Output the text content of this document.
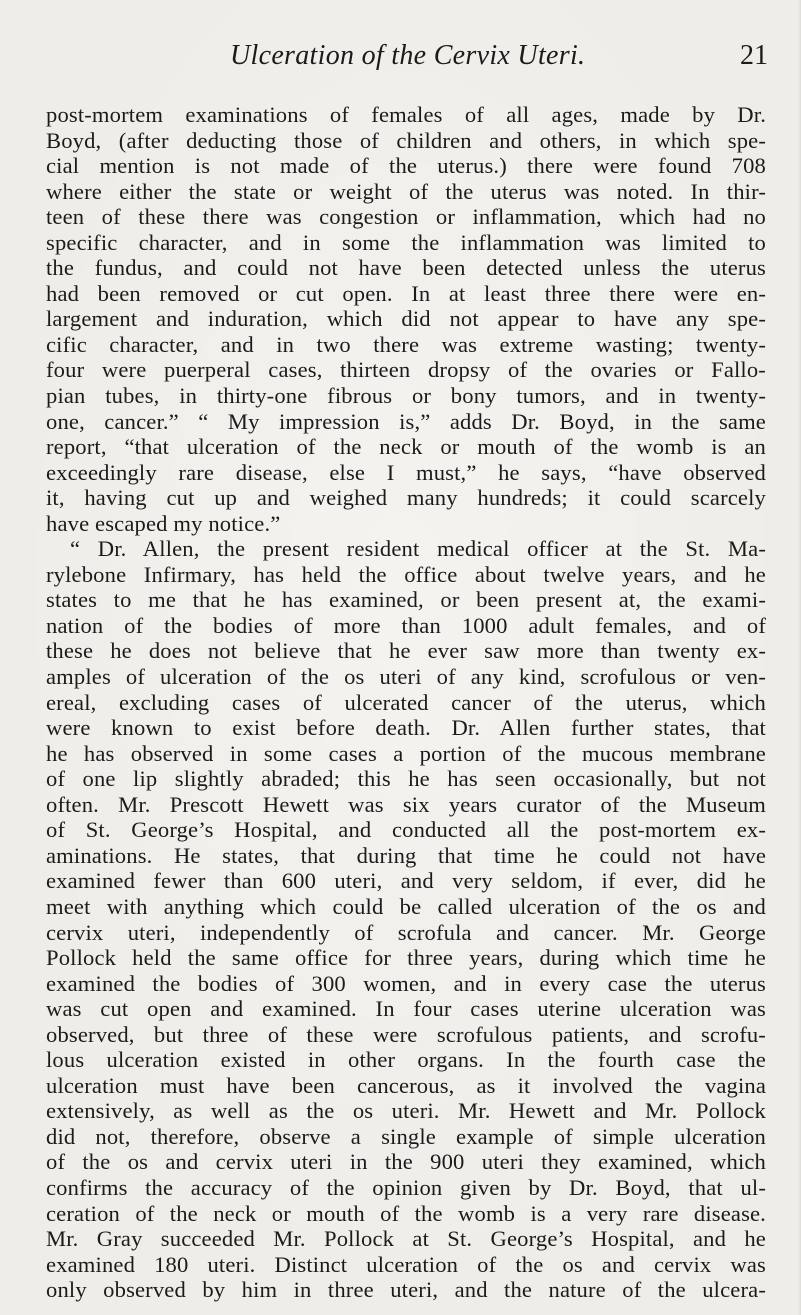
Ulceration of the Cervix Uteri.	21
post-mortem examinations of females of all ages, made by Dr.
Boyd, (after deducting those of children and others, in which spe-
cial mention is not made of the uterus.) there were found 708
where either the state or weight of the uterus was noted. In thir-
teen of these there was congestion or inflammation, which had no
specific character, and in some the inflammation was limited to
the fundus, and could not have been detected unless the uterus
had been removed or cut open. In at least three there were en-
largement and induration, which did not appear to have any spe-
cific character, and in two there was extreme wasting; twenty-
four were puerperal cases, thirteen dropsy of the ovaries or Fallo-
pian tubes, in thirty-one fibrous or bony tumors, and in twenty-
one, cancer.” “ My impression is,” adds Dr. Boyd, in the same
report, “that ulceration of the neck or mouth of the womb is an
exceedingly rare disease, else I must,” he says, “have observed
it, having cut up and weighed many hundreds; it could scarcely
have escaped my notice.”
“ Dr. Allen, the present resident medical officer at the St. Ma-
rylebone Infirmary, has held the office about twelve years, and he
states to me that he has examined, or been present at, the exami-
nation of the bodies of more than 1000 adult females, and of
these he does not believe that he ever saw more than twenty ex-
amples of ulceration of the os uteri of any kind, scrofulous or ven-
ereal, excluding cases of ulcerated cancer of the uterus, which
were known to exist before death. Dr. Allen further states, that
he has observed in some cases a portion of the mucous membrane
of one lip slightly abraded; this he has seen occasionally, but not
often. Mr. Prescott Hewett was six years curator of the Museum
of St. George’s Hospital, and conducted all the post-mortem ex-
aminations. He states, that during that time he could not have
examined fewer than 600 uteri, and very seldom, if ever, did he
meet with anything which could be called ulceration of the os and
cervix uteri, independently of scrofula and cancer. Mr. George
Pollock held the same office for three years, during which time he
examined the bodies of 300 women, and in every case the uterus
was cut open and examined. In four cases uterine ulceration was
observed, but three of these were scrofulous patients, and scrofu-
lous ulceration existed in other organs. In the fourth case the
ulceration must have been cancerous, as it involved the vagina
extensively, as well as the os uteri. Mr. Hewett and Mr. Pollock
did not, therefore, observe a single example of simple ulceration
of the os and cervix uteri in the 900 uteri they examined, which
confirms the accuracy of the opinion given by Dr. Boyd, that ul-
ceration of the neck or mouth of the womb is a very rare disease.
Mr. Gray succeeded Mr. Pollock at St. George’s Hospital, and he
examined 180 uteri. Distinct ulceration of the os and cervix was
only observed by him in three uteri, and the nature of the ulcera-
